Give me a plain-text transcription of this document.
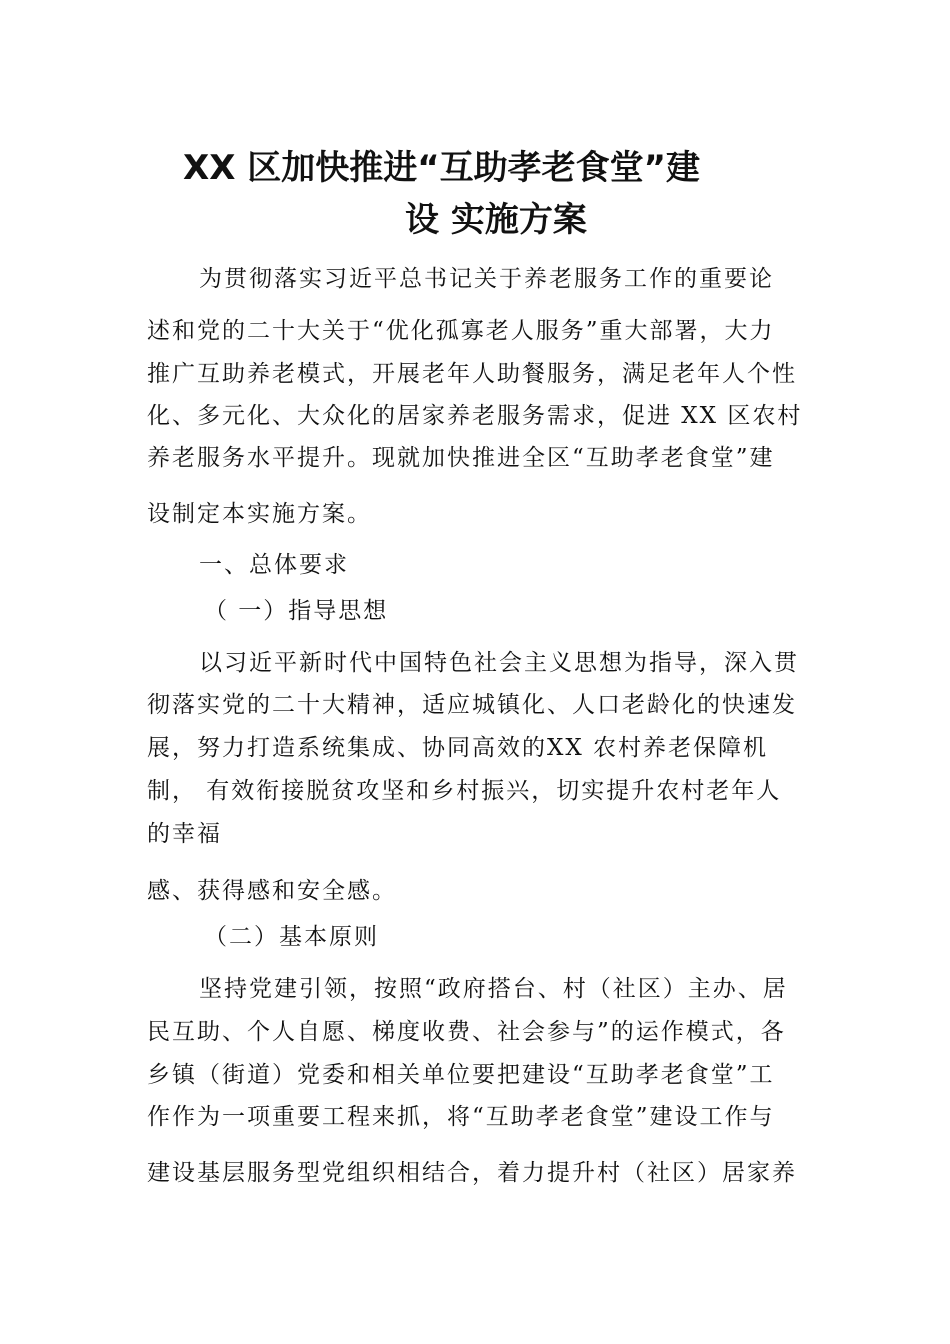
XX 区加快推进“互助孝老食堂”建
设 实施方案
为贯彻落实习近平总书记关于养老服务工作的重要论
述和党的二十大关于“优化孤寡老人服务”重大部署，大力
推广互助养老模式，开展老年人助餐服务，满足老年人个性
化、多元化、大众化的居家养老服务需求，促进 XX 区农村
养老服务水平提升。现就加快推进全区“互助孝老食堂”建
设制定本实施方案。
一、总体要求
（ 一）指导思想
以习近平新时代中国特色社会主义思想为指导，深入贯
彻落实党的二十大精神，适应城镇化、人口老龄化的快速发
展，努力打造系统集成、协同高效的XX 农村养老保障机
制， 有效衔接脱贫攻坚和乡村振兴，切实提升农村老年人
的幸福
感、获得感和安全感。
（二）基本原则
坚持党建引领，按照“政府搭台、村（社区）主办、居
民互助、个人自愿、梯度收费、社会参与”的运作模式，各
乡镇（街道）党委和相关单位要把建设“互助孝老食堂”工
作作为一项重要工程来抓，将“互助孝老食堂”建设工作与
建设基层服务型党组织相结合，着力提升村（社区）居家养
